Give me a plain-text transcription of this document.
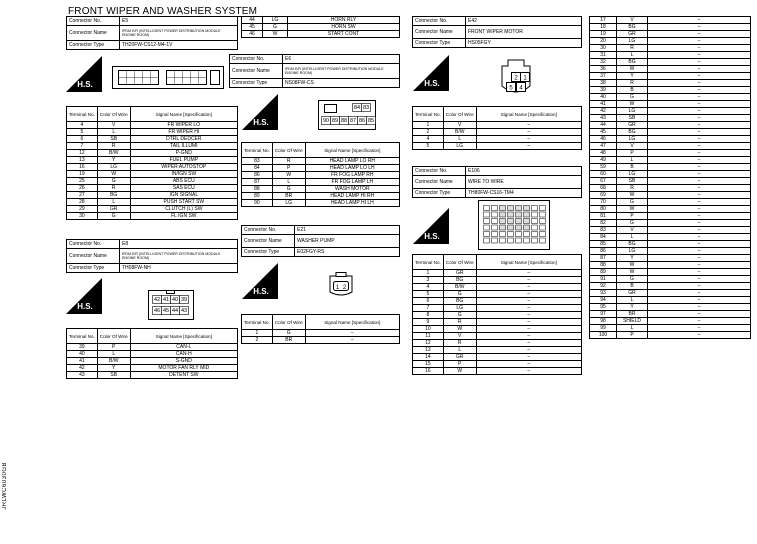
FRONT WIPER AND WASHER SYSTEM
JRLWC6030GB
Connector No.	E5
Connector Name	IPDM E/R (INTELLIGENT POWER DISTRIBUTION MODULE ENGINE ROOM)
Connector Type	TH20FW-CS12-M4-1V
H.S.
Terminal No.	Color Of Wire	Signal Name [Specification]
4	V	FR WIPER LO
5	L	FR WIPER HI
6	SB	DTRL DEDCER
7	R	TAIL ILLUMI
12	B/W	P-GND
13	Y	FUEL PUMP
16	LG	WIPER AUTOSTOP
19	W	IN/IGN SW
25	G	ABS ECU
26	R	SAS ECU
27	BG	IGN SIGNAL
28	L	PUSH START SW
29	GR	CLUTCH (L) SW
30	G	FL IGN SW
Connector No.	E8
Connector Name	IPDM E/R (INTELLIGENT POWER DISTRIBUTION MODULE ENGINE ROOM)
Connector Type	TH08FW-NH
H.S.
42 41 40 39
46 45 44 43
Terminal No.	Color Of Wire	Signal Name [Specification]
39	P	CAN-L
40	L	CAN-H
41	B/W	S-GND
42	Y	MOTOR FAN RLY MID
43	SB	DETENT SW
44	LG	HORN RLY
45	G	HORN SW
46	W	START CONT
Connector No.	E6
Connector Name	IPDM E/R (INTELLIGENT POWER DISTRIBUTION MODULE ENGINE ROOM)
Connector Type	NS08FW-CS
H.S.
84 83
90 89 88 87 86 85
Terminal No.	Color Of Wire	Signal Name [Specification]
83	R	HEAD LAMP LO RH
84	P	HEAD LAMP LO LH
86	W	FR FOG LAMP RH
87	L	FR FOG LAMP LH
88	G	WASH MOTOR
89	BR	HEAD LAMP HI RH
90	LG	HEAD LAMP HI LH
Connector No.	E21
Connector Name	WASHER PUMP
Connector Type	E02FGY-RS
H.S.	1 2
Terminal No.	Color Of Wire	Signal Name [Specification]
1	G	–
2	BR	–
Connector No.	E42
Connector Name	FRONT WIPER MOTOR
Connector Type	HS05FGY
H.S.
2 1
5 4
Terminal No.	Color Of Wire	Signal Name [Specification]
1	V	–
2	B/W	–
4	L	–
5	LG	–
Connector No.	E106
Connector Name	WIRE TO WIRE
Connector Type	TH80FW-CS16-TM4
H.S.
Terminal No.	Color Of Wire	Signal Name [Specification]
1	GR	–
3	BG	–
4	B/W	–
5	G	–
6	BG	–
7	LG	–
8	G	–
9	R	–
10	W	–
11	V	–
12	R	–
13	L	–
14	GR	–
15	P	–
16	W	–
17	V	–
18	BG	–
19	GR	–
20	LG	–
30	R	–
31	L	–
32	BG	–
36	W	–
37	Y	–
38	R	–
39	B	–
40	G	–
41	W	–
42	LG	–
43	SB	–
44	GR	–
45	BG	–
46	LG	–
47	V	–
48	P	–
49	L	–
59	B	–
60	LG	–
67	SB	–
68	R	–
69	W	–
70	G	–
80	W	–
81	P	–
82	G	–
83	V	–
84	L	–
85	BG	–
86	LG	–
87	Y	–
88	W	–
89	W	–
91	G	–
92	B	–
93	GR	–
94	L	–
95	Y	–
97	BR	–
98	SHIELD	–
99	L	–
100	P	–
